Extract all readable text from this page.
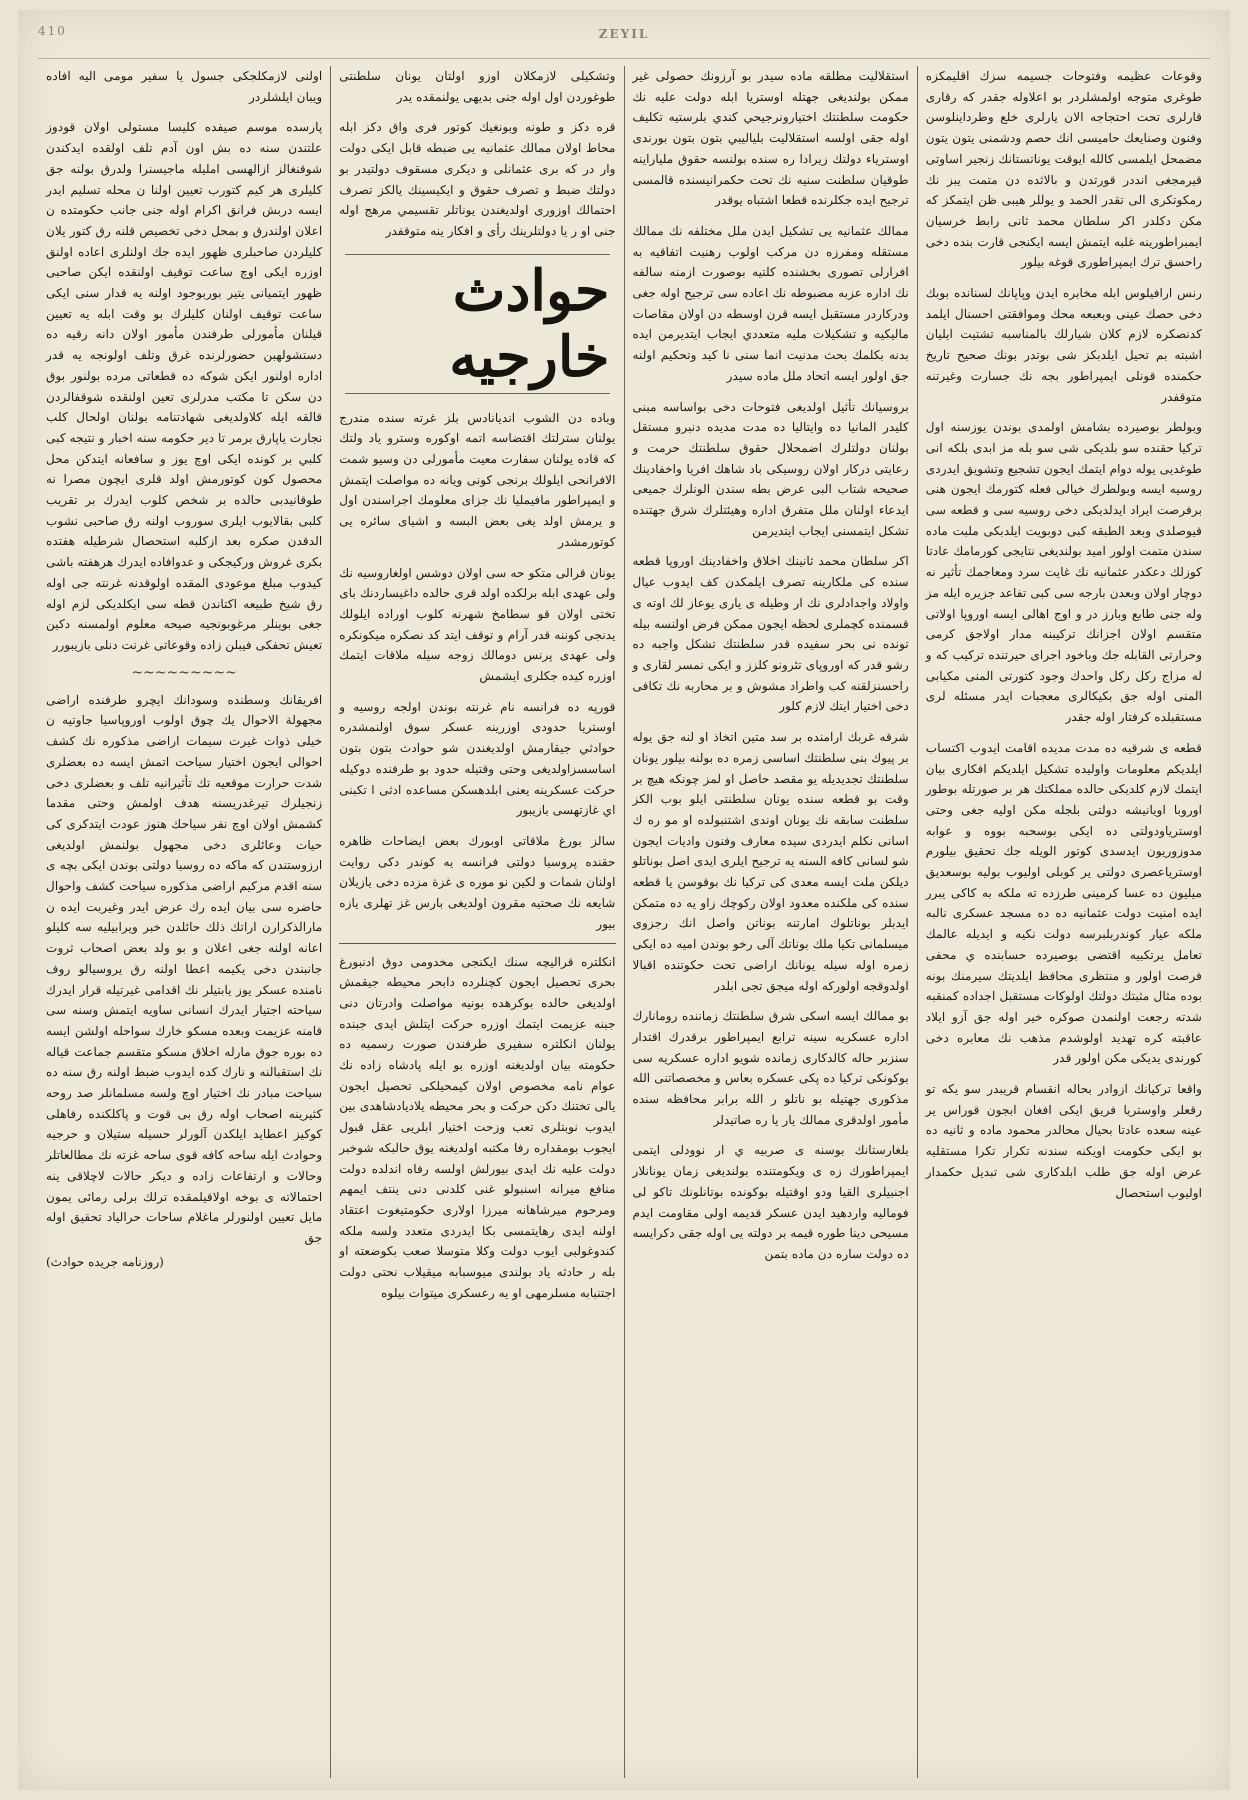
410	ZEYIL
وقوعات عظيمه وفتوحات جسيمه سزك اقليمكزه طوغرى متوجه اولمشلردر بو اعلاوله جقدر كه رقارى قارلرى تحت احتجاجه الان يارلرى خلع وطرداينلوسن وفنون وصنايعك حاميسى انك حصم ودشمنى يتون يتون مضمحل ايلمسى كالله ايوقت يوناتستانك زنجير اساوتى قيرمجغى انددر قورتدن و بالاثده دن متمت يبز نك رمكوتكرى الى تقدر الحمد و يوللر هيبى ظن ايتمكز كه مكن دكلدر اكر سلطان محمد ثانى رابط خرسيان ايمبراطورينه غلبه ايتمش ايسه ايكنجى قارت بنده دخى راحسق ترك ايمپراطورى قوغه بيلور
رنس ارافيلوس ابله مخابره ايدن وپاپانك لسنانده بوبك دخى حصك عينى وبعبعه محك وموافقتى احسنال ايلمد كدنصكره لازم كلان شيارلك بالمناسبه تشتيت ايليان اشبته بم تحيل ايلدبكز شى بوتدر بونك صحيح تاريخ حكمنده قونلى ايمپراطور بجه نك جسارت وغيرتنه متوقفدر
وبولطر بوصيرده بشامش اولمدى بوندن يوزسنه اول تركيا حقنده سو بلديكى شى سو بله مز ابدى بلكه انى طوغديى يوله دوام ايتمك ايجون تشجيع وتشويق ايدردى روسيه ايسه وبولطرك خيالى فعله كتورمك ايجون هنى برفرصت ايراد ايدلديكى دخى روسيه سى و قطعه سى قيوصلدى وبعد الطبقه كبى دوبويت ايلدبكى ملبت ماده سندن متمت اولور اميد بولنديغى نتايجى كورمامك عادتا كوزلك دعكدر عثمانيه نك غايت سرد ومعاجمك تأثير نه دوچار اولان وبعدن بارجه سى كبى تفاعد جزيره ايله مز وله جنى طابع وبارز در و اوج اهالى ايسه اوروپا اولاتى متقسم اولان اجزانك تركيبنه مدار اولاجق كرمى وحرارتى القابله جك وباخود اجراى حيرتنده تركيب كه و له مزاج ركل ركل واحدك وجود كتورتى المنى مكيابى المنى اوله جق بكيكالرى معجبات ايدر مسئله لرى مستقبلده كرفتار اوله جقدر
قطعه ى شرقيه ده مدت مديده اقامت ايدوب اكتساب ايلديكم معلومات واوليده تشكيل ايلديكم افكارى بيان ايتمك لازم كلديكى حالده مملكتك هر بر صورتله بوطور اوروبا اويانيشه دولتى بلجله مكن اوليه جغى وحتى اوسترياودولتى ده ايكى بوسحبه بووه و عوابه مدوزوريون ايدسدى كوتور الويله جك تحقيق بيلورم اوسترياعصرى دولتى ير كوبلى اوليوب بوليه بوسعديق ميليون ده عسا كرمينى طرزده ته ملكه به كاكى يبرر ايده امنيت دولت عثمانيه ده ده مسجد عسكرى نالبه ملكه عيار كوندربلبرسه دولت نكيه و ايديله عالمك تعامل يرتكبيه اقتضى بوصيرده حسابنده ي محفى فرصت اولور و منتظرى محافظ ايلديتك سيرمنك بونه بوده مثال مثبتك دولتك اولوكات مستقبل اجداده كمنقبه شدته رجعت اولنمدن صوكره خير اوله جق آزو ايلاد عاقبته كره تهديد اولوشدم مذهب نك معابره دخى كورندى يديكى مكن اولور قدر
واقعا تركيانك ازوادر بحاله انقسام قريبدر سو يكه تو رقعلر واوستريا فريق ايكى افغان ابجون قوراس ير عينه سعده عادتا بحيال محالدر محمود ماده و ثانيه ده بو ايكى حكومت اويكنه سندنه تكرار تكرا مستقليه عرض اوله جق طلب ابلدكارى شى تبديل حكمدار اوليوب استحصال
استقلاليت مطلقه ماده سيدر بو آرزونك حصولى غير ممكن بولنديغى جهتله اوستريا ابله دولت عليه نك حكومت سلطنتك اختيارونرجيحي كندي بلرستيه تكليف اوله جقى اولسه استقلاليت بلياليبي بتون بتون بورندى اوسترياء دولتك زيرادا ره سنده بولنسه حقوق ملياراينه طوقيان سلطنت سنيه نك تحت حكمرانيسنده قالمسى ترجيح ايده جكلرنده قطعا اشتباه يوقدر
ممالك عثمانيه يى تشكيل ايدن ملل مختلفه نك ممالك مستقله ومفرزه دن مركب اولوب رهنيت اتفاقيه به افرارلى تصورى بخشنده كلتيه بوصورت ازمنه سالفه نك اداره عزبه مضبوطه نك اعاده سى ترجيح اوله جغى ودركاردر مستقبل ايسه قرن اوسطه دن اولان مقاصات ماليكيه و تشكيلات مليه متعددي ايجاب ايتديرمن ايده بدنه بكلمك بحث مدنيت انما سنى نا كيد وتحكيم اولنه جق اولور ايسه اتحاد ملل ماده سيدر
بروسيانك تأثيل اولديغى فتوحات دخى بواساسه مبنى كليدر المانيا ده وايتاليا ده مدت مديده دنبرو مستقل بولنان دولتلرك اضمحلال حقوق سلطنتك حرمت و رعايتى دركار اولان روسيكى باد شاهك افريا واخفادينك صحيحه شتاب البى عرض بطه سندن الونلرك جميعى ايدعاء اولنان ملل متفرق اداره وهيئتلرك شرق جهتنده تشكل ايتمسنى ايجاب ايتديرمن
اكر سلطان محمد ثانينك اخلاق واخفادينك اوروپا قطعه سنده كى ملكارينه تصرف ايلمكدن كف ايدوب عيال واولاد واجدادلرى نك ار وطيله ى يارى يوعاز لك اوته ى قسمنده كچملرى لحظه ايجون ممكن فرض اولنسه بيله تونده نى بحر سفيده قدر سلطنتك تشكل واجبه ده رشو قدر كه اوروپاى تئرونو كلزز و ايكى نمسر لقارى و راحسنزلقنه كب واطراد مشوش و بر محاربه نك تكافى دخى اختيار ايتك لازم كلور
شرقه غربك ارامنده بر سد متين اتخاذ او لنه جق يوله بر پيوك بنى سلطنتك اساسى زمره ده بولنه بيلور يونان سلطنتك تجديديله يو مقصد حاصل او لمز چونكه هيچ بر وقت بو قطعه سنده يونان سلطنتى ايلو بوب الكز سلطنت سابقه نك يونان اوندى اشتنبولده او مو ره ك اسانى نكلم ايدردى سيده معارف وفنون واديات ايجون شو لسانى كافه السنه يه ترجيح ايلرى ايدى اصل بوناتلو ديلكن ملت ايسه معدى كى تركيا نك بوقوسن يا قطعه سنده كى ملكنده معدود اولان ركوچك زاو يه ده متمكن ايدبلر بوناتلوك امارتنه بوناتن واصل انك رجزوى ميسلمانى تكيا ملك بوناتك آلى رخو بوندن اميه ده ايكى زمره اوله سيله يونانك اراضى تحت حكوتنده اقبالا اولدوقجه اولوركه اوله ميجق تجى ابلدر
بو ممالك ايسه اسكى شرق سلطنتك زماننده رومانارك اداره عسكريه سينه ترابع ايمپراطور برقدرك اقتدار سنزبر حاله كالدكارى زمانده شويو اداره عسكريه سى بوكونكى تركيا ده پكى عسكره بعاس و مخصصاتنى الله مذكورى جهتيله بو ناتلو ر الله برابر محافظه سنده مأمور اولدقرى ممالك يار يا ره صاتيدلر
بلغارستانك بوسنه ى صربيه ي ار نوودلى ايتمى ايمپراطورك زه ى ويكومتنده بولنديغى زمان يونانلار اجنبيلرى القيا ودو اوقتيله بوكونده بوتانلونك تاكو لى فوماليه واردهيد ايدن عسكر قديمه اولى مقاومت ايدم مسيحى دينا طوره قيمه بر دولته يى اوله جقى دكرايسه ده دولت ساره دن ماده بتمن
وتشكيلى لازمكلان اوزو اولتان يونان سلطنتى طوغوردن اول اوله جنى بديهى يولنمقده يدر
قره دكز و طونه وبونغيك كوتور فرى واق دكز ابله محاط اولان ممالك عثمانيه يى ضبطه قابل ايكى دولت وار در كه برى عثمانلى و ديكرى مسقوف دولتيدر بو دولتك ضبط و تصرف حقوق و ايكيسينك يالكز تصرف احتمالك اوزورى اولديغندن يوناتلر تقسيمي مرهج اوله جنى او ر يا دولتلرينك رأى و افكار ينه متوقفدر
حوادث خارجيه
وباده دن الشوب انديانادس بلز غرته سنده مندرج يولنان سترلتك اقتضاسه اتمه اوكوره وسترو ياد ولتك كه قاده يولنان سفارت معيت مأمورلى دن وسيو شمت الافرانحى ايلولك برنجى كونى ويانه ده مواصلت ايتمش و ايمپراطور مافيمليا نك جزاى معلومك اجراسندن اول و يرمش اولد يغى بعض البسه و اشياى سائره يى كوتورمشدر
يونان قرالى متكو حه سى اولان دوشس اولغاروسيه نك ولى عهدى ابله برلكده اولد قرى حالده داغيساردنك باى تختى اولان قو سطامخ شهرنه كلوب اوراده ايلولك يدنجى كوننه قدر آرام و توقف ايتد كد نصكره ميكونكره ولى عهدى پرنس دومالك زوجه سيله ملاقات ايتمك اوزره كيده جكلرى ايشمش
قورپه ده فرانسه نام غرنته بوندن اولجه روسيه و اوستريا حدودى اوزرينه عسكر سوق اولنمشدره حوادثي جيقارمش اولديغندن شو حوادث بتون بتون اساسسزاولديغى وحتى وقتيله حدود بو طرفنده دوكيله حركت عسكرينه يعنى ابلدهسكن مساعده ادثى ا تكبنى اي غازتهسى بازيبور
سالز بورغ ملاقاتى اوبورك بعض ايضاحات ظاهره حقنده پروسيا دولتى فرانسه يه كوندر دكى روايت اولنان شمات و لكين نو موره ى غزة مزده دخى يازيلان شايعه نك صحتيه مقرون اولديغى بارس غز تهلرى يازه بيور
انكلتره قراليچه سنك ايكنجى مخدومى دوق ادنبورغ بحرى تحصيل ايجون كچنلرده دابحر محيطه جيقمش اولديغى حالده بوكرهده بونيه مواصلت وادرتان دنى جبنه عزيمت ايتمك اوزره حركت ايتلش ايدى جبنده يولنان انكلتره سفيرى طرفندن صورت رسميه ده حكومته بيان اولديغنه اوزره بو ايله پادشاه زاده نك عوام نامه مخصوص اولان كيمحيلكى تحصيل ايجون يالى تختنك دكن حركت و بحر محيطه يلاديادشاهدى بين ايدوب نوبتلرى تعب وزحت اختيار ابلريى عقل قبول ايجوب بومقداره رفا مكتبه اولديغنه يوق حالبكه شوخبر دولت عليه نك ايدى بيورلش اولسه رفاه اندلده دولت منافع ميرانه اسنبولو غنى كلدنى دنى ينتف ايمهم ومرحوم ميرشاهانه ميرزا اولارى حكومتيغوت اعتقاد اولنه ايدى رهايتمسى بكا ايدردى متعدد ولسه ملكه كندوغولبى ايوب دولت وكلا متوسلا صعب بكوضعته او بله ر حادثه ياد بولندى ميوسبابه ميقيلاب نحتى دولت اجتنبابه مسلرمهى او يه رعسكرى ميتوات بيلوه
اولنى لازمكلجكى جسول يا سفير مومى اليه افاده ويبان ايلشلردر
پارسده موسم صيفده كليسا مستولى اولان قودوز علتندن سنه ده بش اون آدم تلف اولقده ايدكندن شوقنغالز ازالهسى امليله ماجيسنرا ولدرق بولنه جق كليلرى هر كيم كتورب تعيين اولنا ن محله تسليم ايدر ايسه دربش فرانق اكرام اوله جنى جانب حكومتده ن اعلان اولندرق و بمحل دخى تخصيص قلنه رق كتور يلان كليلردن صاحبلرى ظهور ايده جك اولنلرى اعاده اولنق اوزره ايكى اوچ ساعت توقيف اولنقده ايكن صاحبى ظهور ايتميانى يتير بوربوجود اولنه يه قدار سنى ايكى ساعت توقيف اولنان كليلرك بو وقت ابله يه تعيين قيلنان مأمورلى طرفندن مأمور اولان دانه رقيه ده دستشولهبن حضورلرنده غرق وتلف اولونجه يه قدر اداره اولنور ايكن شوكه ده قطعاتى مرده بولنور بوق دن سكن تا مكتب مدرلرى تعين اولنقده شوقفالردن قالقه ايله كلاولديغى شهادتنامه بولنان اولحال كلب نجارت ياپارق برمر تا دير حكومه سنه اخبار و نتيجه كبى كلبي بر كونده ايكى اوچ يوز و سافعانه ايتدكن محل محصول كون كوتورمش اولد قلرى ايچون مصرا نه طوقانيدبى حالده بر شخص كلوب ايدرك بر تقريب كلبى بقالايوب ايلرى سوروب اولنه رق صاحبى نشوب الدقدن صكره بعد ازكلبه استحصال شرطيله هفتده بكرى غروش وركيجكى و عدوافاده ايدرك هرهفته باشى كيدوب مبلغ موعودى المقده اولوقدنه غرنته جى اوله رق شيخ طبيعه اكتاندن قطه سى ايكلديكى لزم اوله جغى بوينلر مرغوبونجيه صيحه معلوم اولمسنه دكين تعيش تحفكى فيبلن زاده وقوعاتى غرنت دنلى بازيبورر
~~~~~~~~~
افريقانك وسطنده وسودانك ايچرو طرفنده اراضى مجهولة الاحوال يك چوق اولوب اوروپاسيا جاوتيه ن خيلى ذوات غيرت سيمات اراضى مذكوره نك كشف احوالى ايجون اختيار سياحت اتمش ايسه ده بعضلرى شدت حرارت موقعيه تك تأثيرانيه تلف و بعضلرى دخى زنجيلرك تيرغدريسنه هدف اولمش وحتى مقدما كشمش اولان اوچ نفر سياحك هنوز عودت ايتدكرى كى حيات وعائلرى دخى مجهول بولنمش اولديغى ارزوستندن كه ماكه ده روسيا دولتى بوندن ايكى بچه ى سنه اقدم مركيم اراضى مذكوره سياحت كشف واحوال حاضره سى بيان ايده رك عرض ايدر وغيربت ايده ن مارالذكرارن اراتك ذلك حائلدن خبر ويرابيليه سه كليلو اعانه اولنه جغى اعلان و بو ولد بعض اصحاب ثروت جانبندن دخى يكيمه اعطا اولنه رق يروسيالو روف نامنده عسكر يوز يابتيلر نك اقدامى غيرتيله قرار ايدرك سياحته اجتيار ايدرك انسانى ساويه ايتمش وسنه سى قامنه عزيمت وبعده مسكو خارك سواحله اولشن ايسه ده بوره جوق مارله اخلاق مسكو متقسم جماعت قياله نك استقبالنه و نارك كده ايدوب ضبط اولنه رق سنه ده سياحت مبادر نك اختيار اوچ ولسه مسلمانلر صد روحه كثيرينه اصحاب اوله رق بى قوت و پاكلكنده رفاهلى كوكيز اعطايد ايلكدن آلورلر حسيله ستيلان و حرجيه وحوادث ايله ساحه كافه قوى ساحه غزته نك مطالعاتلر وحالات و ارتفاعات زاده و ديكر حالات لاچلاقى ينه احتمالاته ى بوخه اولاقيلمقده ترلك برلى رمائى يمون مايل تعيين اولنورلر ماغلام ساحات حرالياد تحقيق اوله جق
(روزنامه جريده حوادث)
